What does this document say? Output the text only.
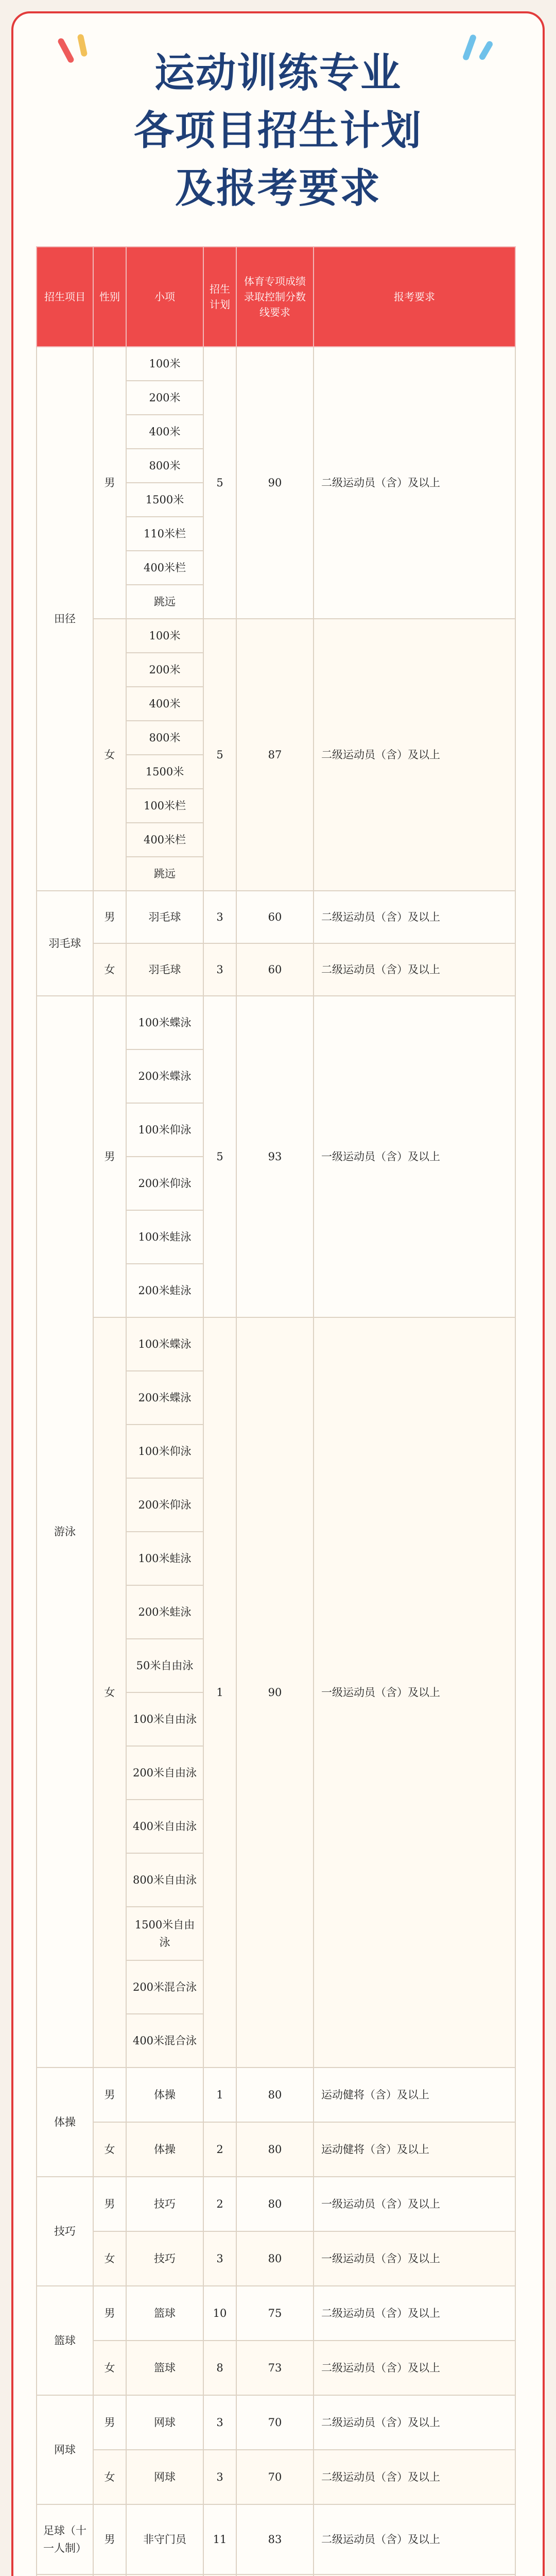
运动训练专业
各项目招生计划
及报考要求
招生项目	性别	小项	招生计划	体育专项成绩录取控制分数线要求	报考要求
田径	男	100米	5	90	二级运动员（含）及以上
		200米			
		400米			
		800米			
		1500米			
		110米栏			
		400米栏			
		跳远			
	女	100米	5	87	二级运动员（含）及以上
		200米			
		400米			
		800米			
		1500米			
		100米栏			
		400米栏			
		跳远			
羽毛球	男	羽毛球	3	60	二级运动员（含）及以上
	女	羽毛球	3	60	二级运动员（含）及以上
游泳	男	100米蝶泳	5	93	一级运动员（含）及以上
		200米蝶泳			
		100米仰泳			
		200米仰泳			
		100米蛙泳			
		200米蛙泳			
	女	100米蝶泳	1	90	一级运动员（含）及以上
		200米蝶泳			
		100米仰泳			
		200米仰泳			
		100米蛙泳			
		200米蛙泳			
		50米自由泳			
		100米自由泳			
		200米自由泳			
		400米自由泳			
		800米自由泳			
		1500米自由泳			
		200米混合泳			
		400米混合泳			
体操	男	体操	1	80	运动健将（含）及以上
	女	体操	2	80	运动健将（含）及以上
技巧	男	技巧	2	80	一级运动员（含）及以上
	女	技巧	3	80	一级运动员（含）及以上
篮球	男	篮球	10	75	二级运动员（含）及以上
	女	篮球	8	73	二级运动员（含）及以上
网球	男	网球	3	70	二级运动员（含）及以上
	女	网球	3	70	二级运动员（含）及以上
足球（十一人制）	男	非守门员	11	83	二级运动员（含）及以上
